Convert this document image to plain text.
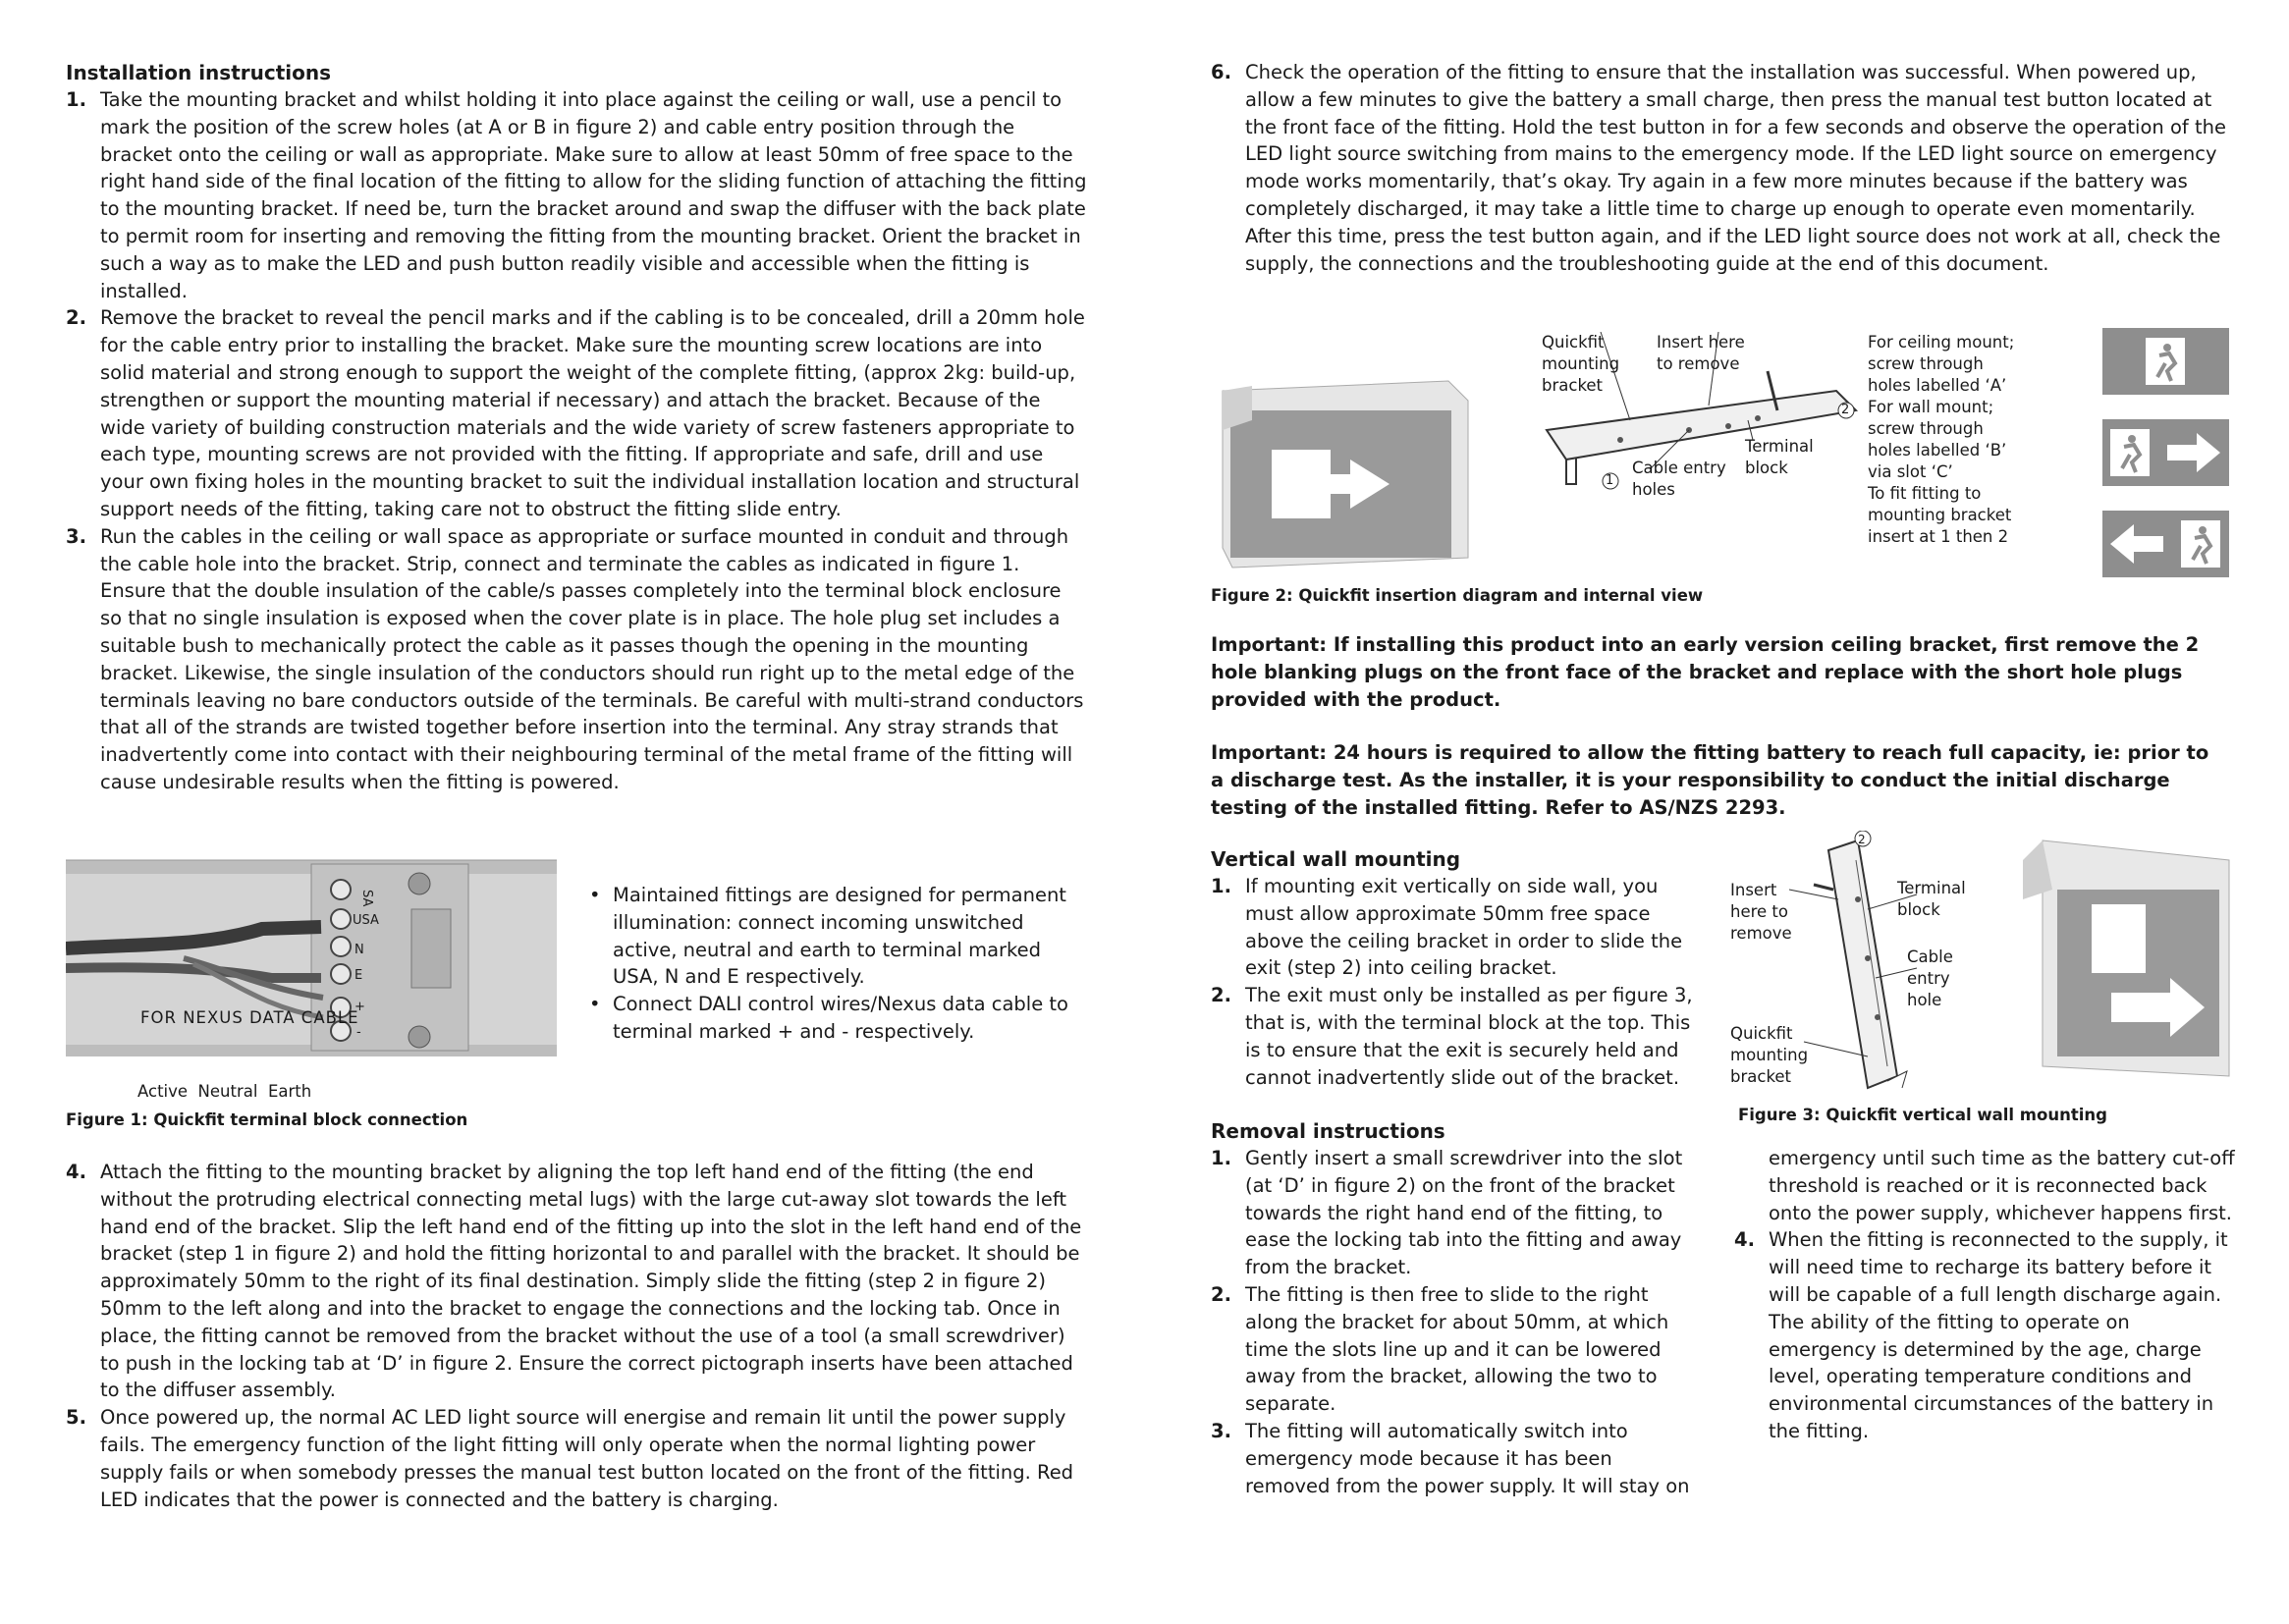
Installation instructions

1. Take the mounting bracket and whilst holding it into place against the ceiling or wall, use a pencil to mark the position of the screw holes (at A or B in figure 2) and cable entry position through the bracket onto the ceiling or wall as appropriate. Make sure to allow at least 50mm of free space to the right hand side of the final location of the fitting to allow for the sliding function of attaching the fitting to the mounting bracket. If need be, turn the bracket around and swap the diffuser with the back plate to permit room for inserting and removing the fitting from the mounting bracket. Orient the bracket in such a way as to make the LED and push button readily visible and accessible when the fitting is installed.
2. Remove the bracket to reveal the pencil marks and if the cabling is to be concealed, drill a 20mm hole for the cable entry prior to installing the bracket. Make sure the mounting screw locations are into solid material and strong enough to support the weight of the complete fitting, (approx 2kg: build-up, strengthen or support the mounting material if necessary) and attach the bracket. Because of the wide variety of building construction materials and the wide variety of screw fasteners appropriate to each type, mounting screws are not provided with the fitting. If appropriate and safe, drill and use your own fixing holes in the mounting bracket to suit the individual installation location and structural support needs of the fitting, taking care not to obstruct the fitting slide entry.
3. Run the cables in the ceiling or wall space as appropriate or surface mounted in conduit and through the cable hole into the bracket. Strip, connect and terminate the cables as indicated in figure 1. Ensure that the double insulation of the cable/s passes completely into the terminal block enclosure so that no single insulation is exposed when the cover plate is in place. The hole plug set includes a suitable bush to mechanically protect the cable as it passes though the opening in the mounting bracket. Likewise, the single insulation of the conductors should run right up to the metal edge of the terminals leaving no bare conductors outside of the terminals. Be careful with multi-strand conductors that all of the strands are twisted together before insertion into the terminal. Any stray strands that inadvertently come into contact with their neighbouring terminal of the metal frame of the fitting will cause undesirable results when the fitting is powered.
SA
USA
N
E
+
-
FOR NEXUS DATA CABLE
Active Neutral Earth
Figure 1: Quickfit terminal block connection
• Maintained fittings are designed for permanent illumination: connect incoming unswitched active, neutral and earth to terminal marked USA, N and E respectively.
• Connect DALI control wires/Nexus data cable to terminal marked + and - respectively.
4. Attach the fitting to the mounting bracket by aligning the top left hand end of the fitting (the end without the protruding electrical connecting metal lugs) with the large cut-away slot towards the left hand end of the bracket. Slip the left hand end of the fitting up into the slot in the left hand end of the bracket (step 1 in figure 2) and hold the fitting horizontal to and parallel with the bracket. It should be approximately 50mm to the right of its final destination. Simply slide the fitting (step 2 in figure 2) 50mm to the left along and into the bracket to engage the connections and the locking tab. Once in place, the fitting cannot be removed from the bracket without the use of a tool (a small screwdriver) to push in the locking tab at ‘D’ in figure 2. Ensure the correct pictograph inserts have been attached to the diffuser assembly.
5. Once powered up, the normal AC LED light source will energise and remain lit until the power supply fails. The emergency function of the light fitting will only operate when the normal lighting power supply fails or when somebody presses the manual test button located on the front of the fitting. Red LED indicates that the power is connected and the battery is charging.
6. Check the operation of the fitting to ensure that the installation was successful. When powered up, allow a few minutes to give the battery a small charge, then press the manual test button located at the front face of the fitting. Hold the test button in for a few seconds and observe the operation of the LED light source switching from mains to the emergency mode. If the LED light source on emergency mode works momentarily, that’s okay. Try again in a few more minutes because if the battery was completely discharged, it may take a little time to charge up enough to operate even momentarily. After this time, press the test button again, and if the LED light source does not work at all, check the supply, the connections and the troubleshooting guide at the end of this document.
Quickfit mounting bracket
Insert here to remove
Cable entry holes
Terminal block
1
2
For ceiling mount; screw through holes labelled ‘A’
For wall mount; screw through holes labelled ‘B’ via slot ‘C’
To fit fitting to mounting bracket insert at 1 then 2
Figure 2: Quickfit insertion diagram and internal view
Important: If installing this product into an early version ceiling bracket, first remove the 2 hole blanking plugs on the front face of the bracket and replace with the short hole plugs provided with the product.
Important: 24 hours is required to allow the fitting battery to reach full capacity, ie: prior to a discharge test. As the installer, it is your responsibility to conduct the initial discharge testing of the installed fitting. Refer to AS/NZS 2293.

Vertical wall mounting

1. If mounting exit vertically on side wall, you must allow approximate 50mm free space above the ceiling bracket in order to slide the exit (step 2) into ceiling bracket.
2. The exit must only be installed as per figure 3, that is, with the terminal block at the top. This is to ensure that the exit is securely held and cannot inadvertently slide out of the bracket.
Insert here to remove
Terminal block
Cable entry hole
Quickfit mounting bracket
2
Figure 3: Quickfit vertical wall mounting

Removal instructions

1. Gently insert a small screwdriver into the slot (at ‘D’ in figure 2) on the front of the bracket towards the right hand end of the fitting, to ease the locking tab into the fitting and away from the bracket.
2. The fitting is then free to slide to the right along the bracket for about 50mm, at which time the slots line up and it can be lowered away from the bracket, allowing the two to separate.
3. The fitting will automatically switch into emergency mode because it has been removed from the power supply. It will stay on

emergency until such time as the battery cut-off threshold is reached or it is reconnected back onto the power supply, whichever happens first.

4. When the fitting is reconnected to the supply, it will need time to recharge its battery before it will be capable of a full length discharge again. The ability of the fitting to operate on emergency is determined by the age, charge level, operating temperature conditions and environmental circumstances of the battery in the fitting.
